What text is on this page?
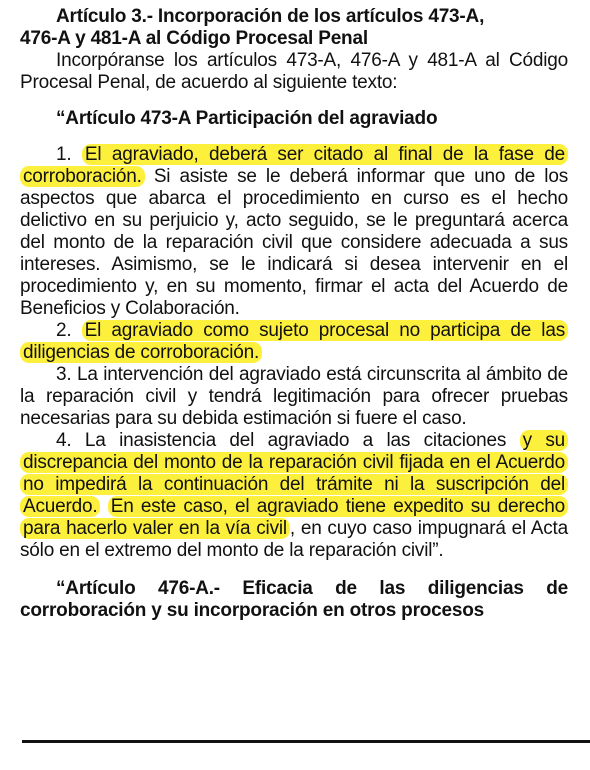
Artículo 3.- Incorporación de los artículos 473-A,
476-A y 481-A al Código Procesal Penal

Incorpóranse los artículos 473-A, 476-A y 481-A al Código Procesal Penal, de acuerdo al siguiente texto:

“Artículo 473-A Participación del agraviado

1. El agraviado, deberá ser citado al final de la fase de corroboración. Si asiste se le deberá informar que uno de los aspectos que abarca el procedimiento en curso es el hecho delictivo en su perjuicio y, acto seguido, se le preguntará acerca del monto de la reparación civil que considere adecuada a sus intereses. Asimismo, se le indicará si desea intervenir en el procedimiento y, en su momento, firmar el acta del Acuerdo de Beneficios y Colaboración.

2. El agraviado como sujeto procesal no participa de las diligencias de corroboración.

3. La intervención del agraviado está circunscrita al ámbito de la reparación civil y tendrá legitimación para ofrecer pruebas necesarias para su debida estimación si fuere el caso.

4. La inasistencia del agraviado a las citaciones y su discrepancia del monto de la reparación civil fijada en el Acuerdo no impedirá la continuación del trámite ni la suscripción del Acuerdo. En este caso, el agraviado tiene expedito su derecho para hacerlo valer en la vía civil , en cuyo caso impugnará el Acta sólo en el extremo del monto de la reparación civil”.

“Artículo 476-A.- Eficacia de las diligencias de corroboración y su incorporación en otros procesos
